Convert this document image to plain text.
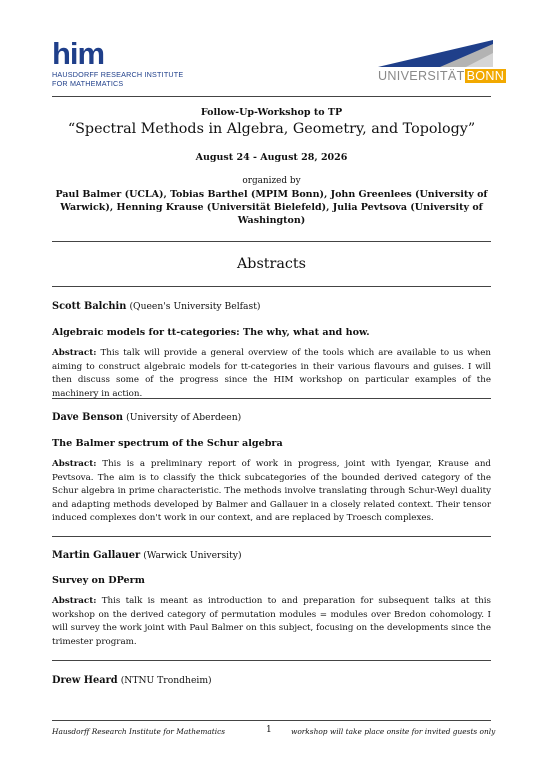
him
HAUSDORFF RESEARCH INSTITUTE
FOR MATHEMATICS
UNIVERSITÄT BONN
Follow-Up-Workshop to TP
“Spectral Methods in Algebra, Geometry, and Topology”
August 24 - August 28, 2026
organized by
Paul Balmer (UCLA), Tobias Barthel (MPIM Bonn), John Greenlees (University of Warwick), Henning Krause (Universität Bielefeld), Julia Pevtsova (University of Washington)
Abstracts
Scott Balchin (Queen's University Belfast)
Algebraic models for tt-categories: The why, what and how.
Abstract: This talk will provide a general overview of the tools which are available to us when aiming to construct algebraic models for tt-categories in their various flavours and guises. I will then discuss some of the progress since the HIM workshop on particular examples of the machinery in action.
Dave Benson (University of Aberdeen)
The Balmer spectrum of the Schur algebra
Abstract: This is a preliminary report of work in progress, joint with Iyengar, Krause and Pevtsova. The aim is to classify the thick subcategories of the bounded derived category of the Schur algebra in prime characteristic. The methods involve translating through Schur-Weyl duality and adapting methods developed by Balmer and Gallauer in a closely related context. Their tensor induced complexes don't work in our context, and are replaced by Troesch complexes.
Martin Gallauer (Warwick University)
Survey on DPerm
Abstract: This talk is meant as introduction to and preparation for subsequent talks at this workshop on the derived category of permutation modules = modules over Bredon cohomology. I will survey the work joint with Paul Balmer on this subject, focusing on the developments since the trimester program.
Drew Heard (NTNU Trondheim)
Hausdorff Research Institute for Mathematics	1	workshop will take place onsite for invited guests only
